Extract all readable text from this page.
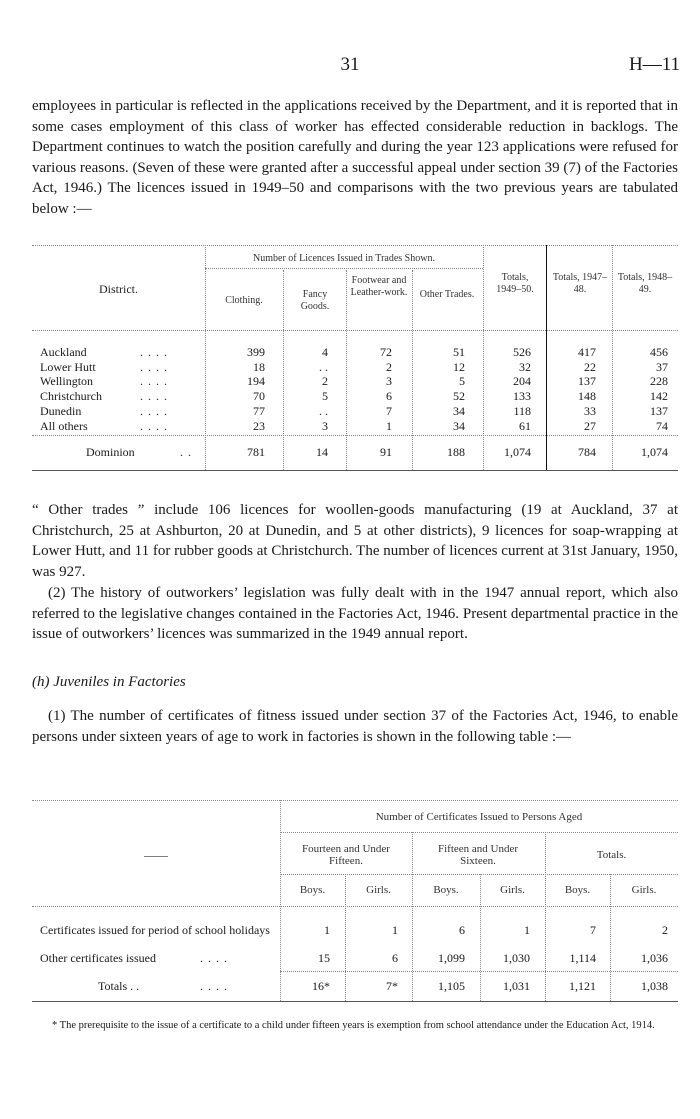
31	H—11

employees in particular is reflected in the applications received by the Department, and it is reported that in some cases employment of this class of worker has effected considerable reduction in backlogs. The Department continues to watch the position carefully and during the year 123 applications were refused for various reasons. (Seven of these were granted after a successful appeal under section 39 (7) of the Factories Act, 1946.) The licences issued in 1949–50 and comparisons with the two previous years are tabulated below :—

District.
Number of Licences Issued in Trades Shown.
Clothing.
Fancy Goods.
Footwear and Leather-work. Other Trades.
Totals, 1949–50.
Totals, 1947–48.
Totals, 1948–49.
Auckland	. . . .	399	4	72	51	526	417	456
Lower Hutt	. . . .	18	. .	2	12	32	22	37
Wellington	. . . .	194	2	3	5	204	137	228
Christchurch	. . . .	70	5	6	52	133	148	142
Dunedin	. . . .	77	. .	7	34	118	33	137
All others	. . . .	23	3	1	34	61	27	74
Dominion	. .	781	14	91	188	1,074	784	1,074

“ Other trades ” include 106 licences for woollen-goods manufacturing (19 at Auckland, 37 at Christchurch, 25 at Ashburton, 20 at Dunedin, and 5 at other districts), 9 licences for soap-wrapping at Lower Hutt, and 11 for rubber goods at Christchurch. The number of licences current at 31st January, 1950, was 927.

(2) The history of outworkers’ legislation was fully dealt with in the 1947 annual report, which also referred to the legislative changes contained in the Factories Act, 1946. Present departmental practice in the issue of outworkers’ licences was summarized in the 1949 annual report.

(h) Juveniles in Factories

(1) The number of certificates of fitness issued under section 37 of the Factories Act, 1946, to enable persons under sixteen years of age to work in factories is shown in the following table :—

——
Number of Certificates Issued to Persons Aged
Fourteen and Under Fifteen.
Fifteen and Under Sixteen.	Totals.
Boys.	Girls.	Boys.	Girls.	Boys.	Girls.
Certificates issued for period of school holidays	1	1	6	1	7	2
Other certificates issued	. . . .	15	6	1,099	1,030	1,114	1,036
Totals . .	. . . .	16*	7*	1,105	1,031	1,121	1,038

* The prerequisite to the issue of a certificate to a child under fifteen years is exemption from school attendance under the Education Act, 1914.
